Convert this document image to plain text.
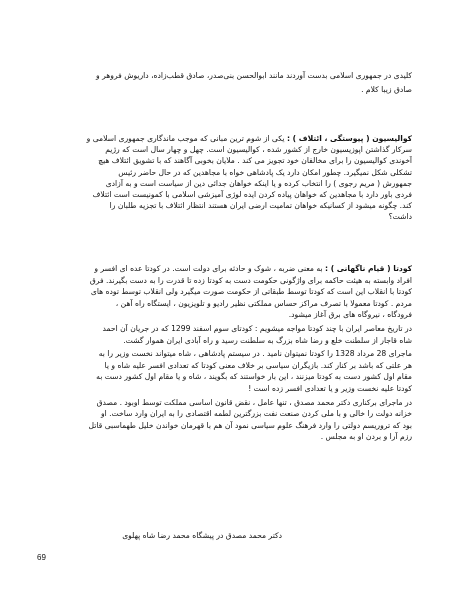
کلیدی در جمهوری اسلامی بدست آوردند مانند ابوالحسن بنی‌صدر، صادق قطب‌زاده، داریوش فروهر و
صادق زیبا کلام .
کوالیسیون ( پیوستگی ، ائتلاف ) : یکی از شوم ترین مبانی که موجب ماندگاری جمهوری اسلامی و
سرکار گذاشتن اپوزیسیون خارج از کشور شده ، کوالیسیون است. چهل و چهار سال است که رژیم
آخوندی کوالیسیون را برای مخالفان خود تجویز می کند . ملایان بخوبی آگاهند که با تشویق ائتلاف هیچ
تشکلی شکل نمیگیرد. چطور امکان دارد یک پادشاهی خواه با مجاهدین که در حال حاضر رئیس
جمهورش ( مریم رجوی ) را انتخاب کرده و یا اینکه خواهان جدائی دین از سیاست است و به آزادی
فردی باور دارد با مجاهدین که خواهان پیاده کردن ایده لوژی آمیزشی اسلامی با کمونیست است ائتلاف
کند. چگونه میشود از کسانیکه خواهان تمامیت ارضی ایران هستند انتظار ائتلاف با تجزیه طلبان را
داشت؟
کودتا ( قیام ناگهانی ) : به معنی ضربه ، شوک و حادثه برای دولت است. در کودتا عده ای افسر و
افراد وابسته به هیئت حاکمه برای واژگونی حکومت دست به کودتا زده تا قدرت را به دست بگیرند. فرق
کودتا با انقلاب این است که کودتا توسط طبقاتی از حکومت صورت میگیرد ولی انقلاب توسط توده های
مردم . کودتا معمولا با تصرف مراکز حساس مملکتی نظیر رادیو و تلویزیون ، ایستگاه راه آهن ،
فرودگاه ، نیروگاه های برق آغاز میشود.
در تاریخ معاصر ایران با چند کودتا مواجه میشویم : کودتای سوم اسفند 1299 که در جریان آن احمد
شاه قاجار از سلطنت خلع و رضا شاه بزرگ به سلطنت رسید و راه آبادی ایران هموار گشت.
ماجرای 28 مرداد 1328 را کودتا نمیتوان نامید . در سیستم پادشاهی ، شاه میتواند نخست وزیر را به
هر علتی که باشد بر کنار کند. بازیگران سیاسی بر خلاف معنی کودتا که تعدادی افسر علیه شاه و یا
مقام اول کشور دست به کودتا میزنند ، این بار خواستند که بگویند ، شاه و یا مقام اول کشور دست به
کودتا علیه نخست وزیر و یا تعدادی افسر زده است !
در ماجرای برکناری دکتر محمد مصدق ، تنها عامل ، نقض قانون اساسی مملکت توسط اوبود . مصدق
خزانه دولت را خالی و با ملی کردن صنعت نفت بزرگترین لطمه اقتصادی را به ایران وارد ساخت. او
بود که تروریسم دولتی را وارد فرهنگ علوم سیاسی نمود آن هم با قهرمان خواندن خلیل طهماسبی قاتل
رزم آرا و بردن او به مجلس .
دکتر محمد مصدق در پیشگاه محمد رضا شاه پهلوی
69
